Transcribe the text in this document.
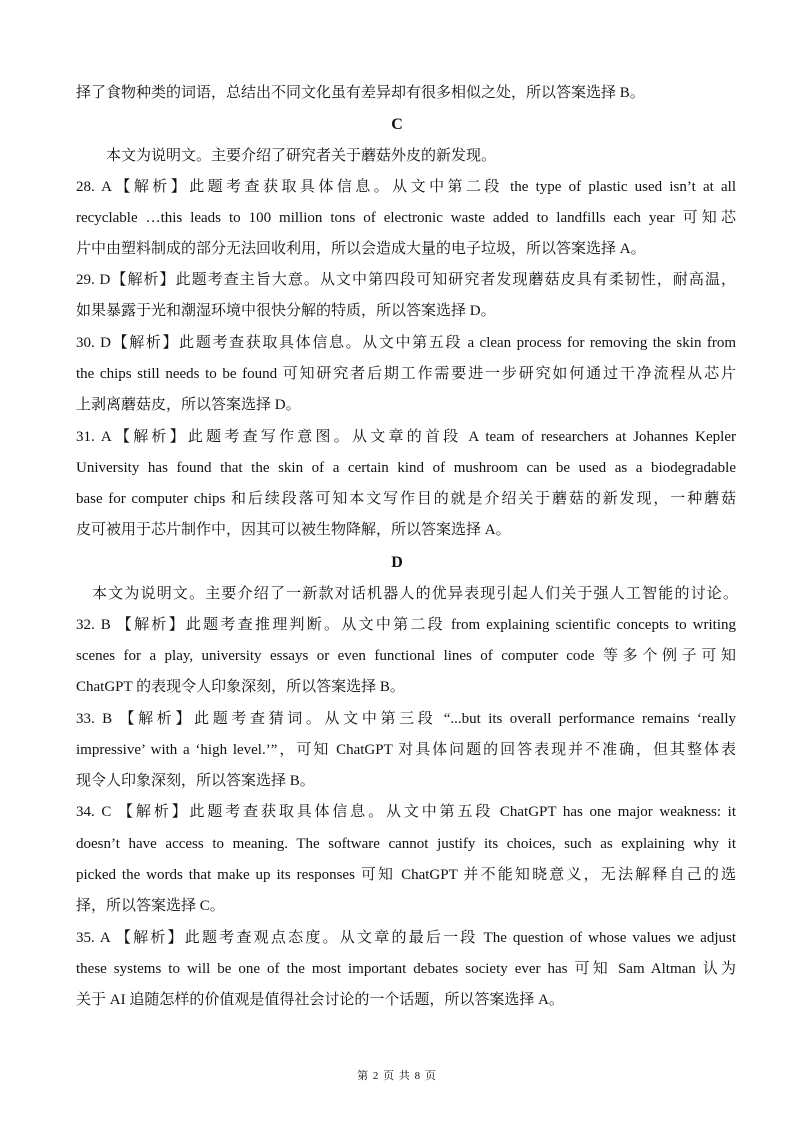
择了食物种类的词语，总结出不同文化虽有差异却有很多相似之处，所以答案选择 B。
C
本文为说明文。主要介绍了研究者关于蘑菇外皮的新发现。
28. A【解析】此题考查获取具体信息。从文中第二段 the type of plastic used isn’t at all
recyclable …this leads to 100 million tons of electronic waste added to landfills each year 可知芯
片中由塑料制成的部分无法回收利用，所以会造成大量的电子垃圾，所以答案选择 A。
29. D【解析】此题考查主旨大意。从文中第四段可知研究者发现蘑菇皮具有柔韧性，耐高温，
如果暴露于光和潮湿环境中很快分解的特质，所以答案选择 D。
30. D【解析】此题考查获取具体信息。从文中第五段 a clean process for removing the skin from
the chips still needs to be found 可知研究者后期工作需要进一步研究如何通过干净流程从芯片
上剥离蘑菇皮，所以答案选择 D。
31. A【解析】此题考查写作意图。从文章的首段 A team of researchers at Johannes Kepler
University has found that the skin of a certain kind of mushroom can be used as a biodegradable
base for computer chips 和后续段落可知本文写作目的就是介绍关于蘑菇的新发现，一种蘑菇
皮可被用于芯片制作中，因其可以被生物降解，所以答案选择 A。
D
本文为说明文。主要介绍了一新款对话机器人的优异表现引起人们关于强人工智能的讨论。
32. B 【解析】此题考查推理判断。从文中第二段 from explaining scientific concepts to writing
scenes for a play, university essays or even functional lines of computer code 等多个例子可知
ChatGPT 的表现令人印象深刻，所以答案选择 B。
33. B 【解析】此题考查猜词。从文中第三段 “...but its overall performance remains ‘really
impressive’ with a ‘high level.’”，可知 ChatGPT 对具体问题的回答表现并不准确，但其整体表
现令人印象深刻，所以答案选择 B。
34. C 【解析】此题考查获取具体信息。从文中第五段 ChatGPT has one major weakness: it
doesn’t have access to meaning. The software cannot justify its choices, such as explaining why it
picked the words that make up its responses 可知 ChatGPT 并不能知晓意义，无法解释自己的选
择，所以答案选择 C。
35. A 【解析】此题考查观点态度。从文章的最后一段 The question of whose values we adjust
these systems to will be one of the most important debates society ever has 可知 Sam Altman 认为
关于 AI 追随怎样的价值观是值得社会讨论的一个话题，所以答案选择 A。
第 2 页 共 8 页
